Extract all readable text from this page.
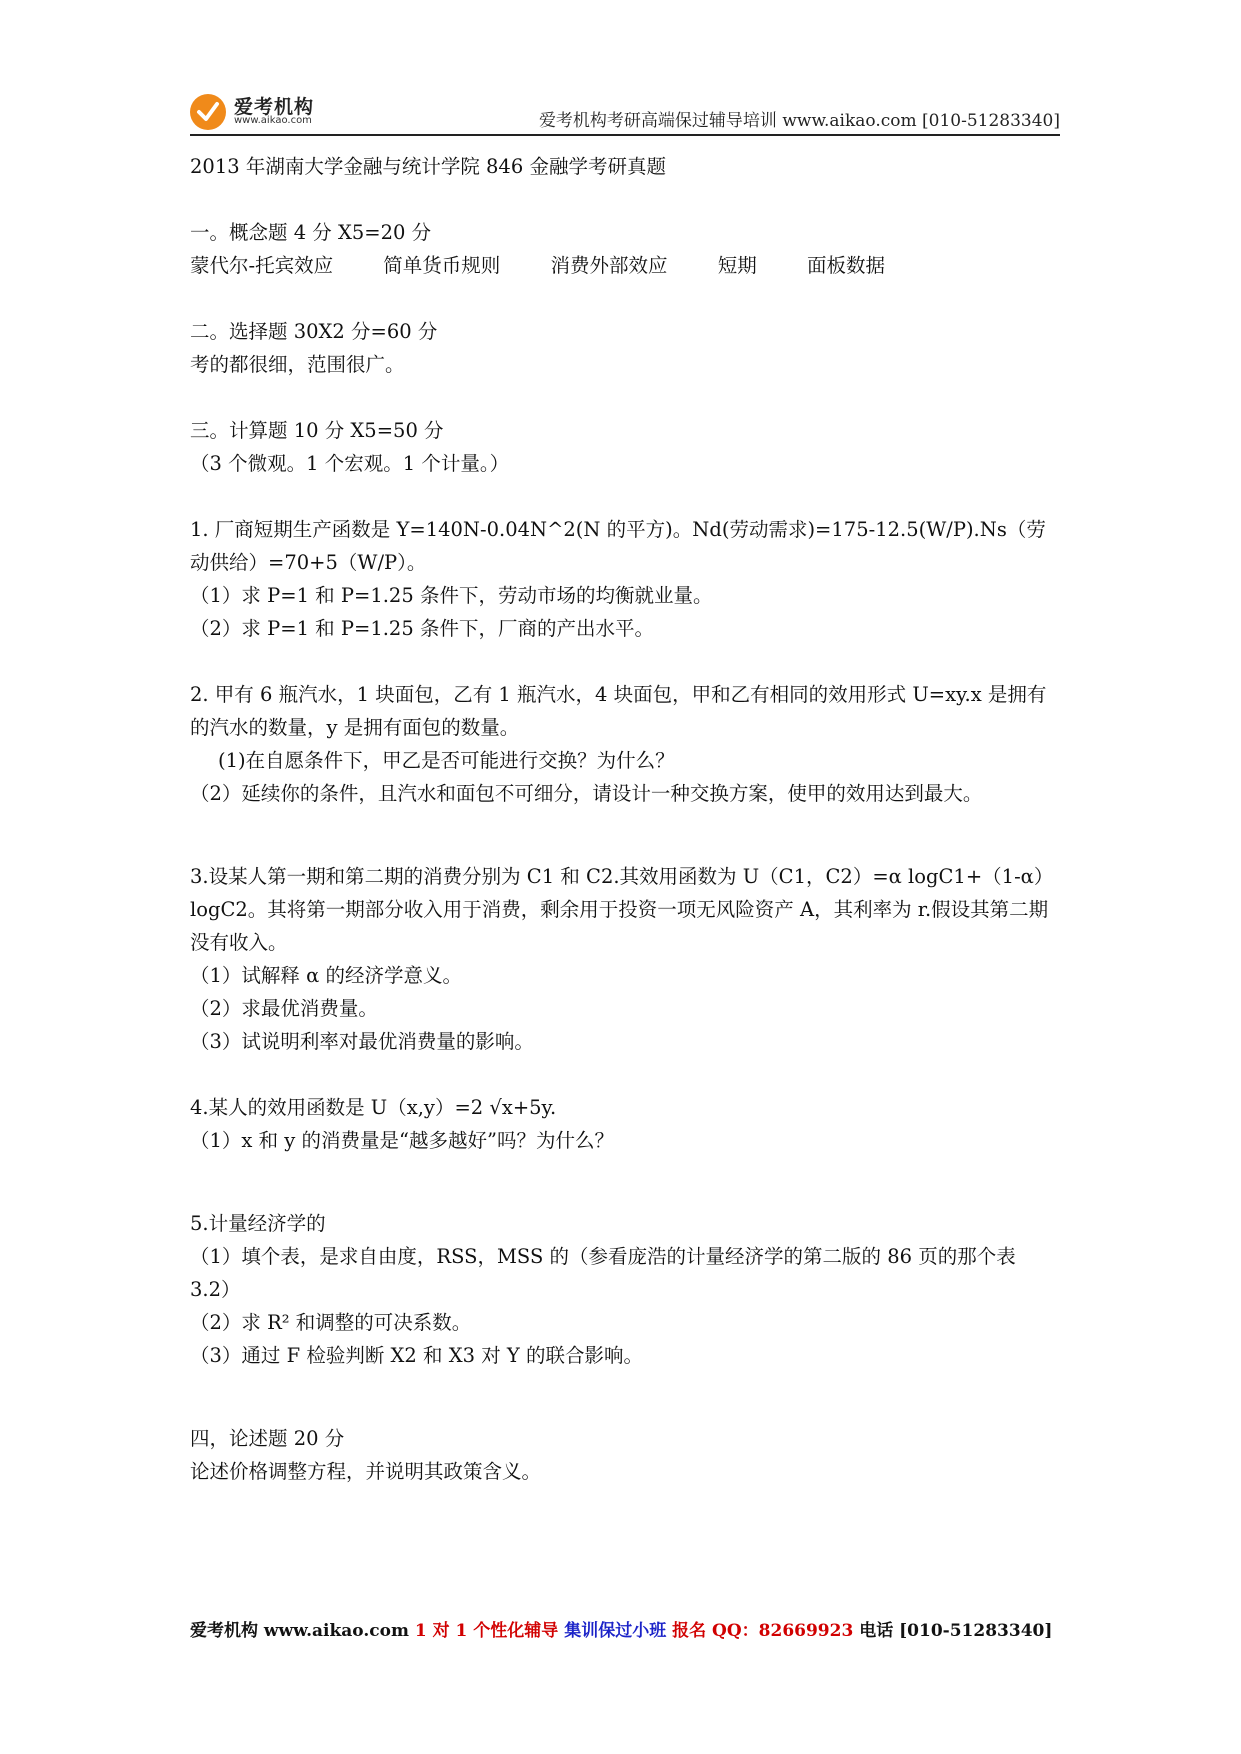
爱考机构
www.aikao.com	爱考机构考研高端保过辅导培训 www.aikao.com [010-51283340]
2013 年湖南大学金融与统计学院 846 金融学考研真题
一。概念题 4 分 X5=20 分
蒙代尔-托宾效应	简单货币规则	消费外部效应	短期	面板数据
二。选择题 30X2 分=60 分
考的都很细，范围很广。
三。计算题 10 分 X5=50 分
（3 个微观。1 个宏观。1 个计量。）
1. 厂商短期生产函数是 Y=140N-0.04N^2(N 的平方)。Nd(劳动需求)=175-12.5(W/P).Ns（劳动供给）=70+5（W/P）。
（1）求 P=1 和 P=1.25 条件下，劳动市场的均衡就业量。
（2）求 P=1 和 P=1.25 条件下，厂商的产出水平。
2. 甲有 6 瓶汽水，1 块面包，乙有 1 瓶汽水，4 块面包，甲和乙有相同的效用形式 U=xy.x 是拥有的汽水的数量，y 是拥有面包的数量。
(1)在自愿条件下，甲乙是否可能进行交换？为什么？
（2）延续你的条件，且汽水和面包不可细分，请设计一种交换方案，使甲的效用达到最大。
3.设某人第一期和第二期的消费分别为 C1 和 C2.其效用函数为 U（C1，C2）=α logC1+（1-α）logC2。其将第一期部分收入用于消费，剩余用于投资一项无风险资产 A，其利率为 r.假设其第二期没有收入。
（1）试解释 α 的经济学意义。
（2）求最优消费量。
（3）试说明利率对最优消费量的影响。
4.某人的效用函数是 U（x,y）=2 √x+5y.
（1）x 和 y 的消费量是“越多越好”吗？为什么？
5.计量经济学的
（1）填个表，是求自由度，RSS，MSS 的（参看庞浩的计量经济学的第二版的 86 页的那个表 3.2）
（2）求 R² 和调整的可决系数。
（3）通过 F 检验判断 X2 和 X3 对 Y 的联合影响。
四，论述题 20 分
论述价格调整方程，并说明其政策含义。
爱考机构 www.aikao.com 1 对 1 个性化辅导 集训保过小班 报名 QQ：82669923 电话 [010-51283340]
